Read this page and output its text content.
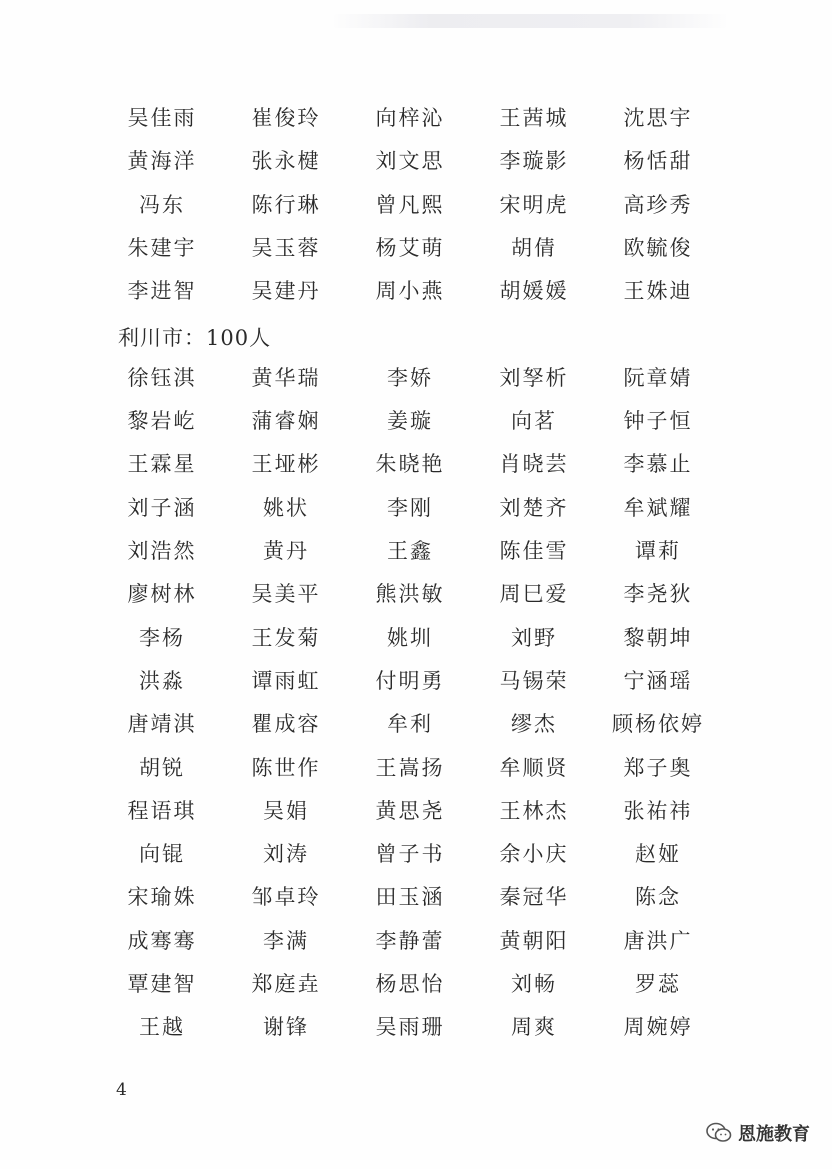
吴佳雨	崔俊玲	向梓沁	王茜城	沈思宇
黄海洋	张永楗	刘文思	李璇影	杨恬甜
冯东	陈行琳	曾凡熙	宋明虎	高珍秀
朱建宇	吴玉蓉	杨艾萌	胡倩	欧毓俊
李进智	吴建丹	周小燕	胡媛媛	王姝迪
利川市：100人
徐钰淇	黄华瑞	李娇	刘孥析	阮章婧
黎岩屹	蒲睿娴	姜璇	向茗	钟子恒
王霖星	王垭彬	朱晓艳	肖晓芸	李慕止
刘子涵	姚状	李刚	刘楚齐	牟斌耀
刘浩然	黄丹	王鑫	陈佳雪	谭莉
廖树林	吴美平	熊洪敏	周巳爱	李尧狄
李杨	王发菊	姚圳	刘野	黎朝坤
洪淼	谭雨虹	付明勇	马锡荣	宁涵瑶
唐靖淇	瞿成容	牟利	缪杰	顾杨依婷
胡锐	陈世作	王嵩扬	牟顺贤	郑子奥
程语琪	吴娟	黄思尧	王林杰	张祐祎
向锟	刘涛	曾子书	余小庆	赵娅
宋瑜姝	邹卓玲	田玉涵	秦冠华	陈念
成骞骞	李满	李静蕾	黄朝阳	唐洪广
覃建智	郑庭垚	杨思怡	刘畅	罗蕊
王越	谢锋	吴雨珊	周爽	周婉婷
4
恩施教育
